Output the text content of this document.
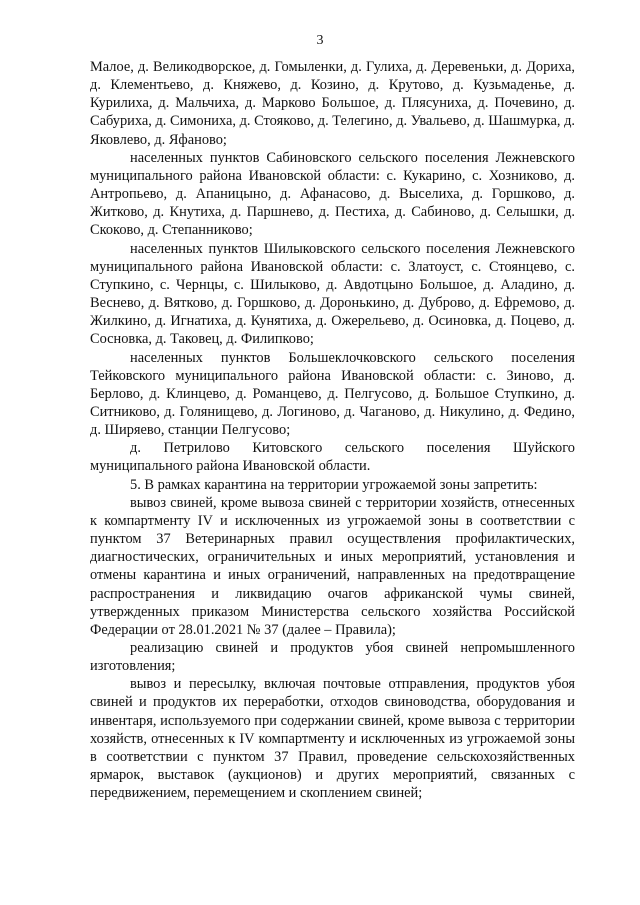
3

Малое, д. Великодворское, д. Гомыленки, д. Гулиха, д. Деревеньки, д. Дориха, д. Клементьево, д. Княжево, д. Козино, д. Крутово, д. Кузьмаденье, д. Курилиха, д. Мальчиха, д. Марково Большое, д. Плясуниха, д. Почевино, д. Сабуриха, д. Симониха, д. Стояково, д. Телегино, д. Увальево, д. Шашмурка, д. Яковлево, д. Яфаново;

населенных пунктов Сабиновского сельского поселения Лежневского муниципального района Ивановской области: с. Кукарино, с. Хозниково, д. Антропьево, д. Апаницыно, д. Афанасово, д. Выселиха, д. Горшково, д. Житково, д. Кнутиха, д. Паршнево, д. Пестиха, д. Сабиново, д. Селышки, д. Скоково, д. Степанниково;

населенных пунктов Шилыковского сельского поселения Лежневского муниципального района Ивановской области: с. Златоуст, с. Стоянцево, с. Ступкино, с. Чернцы, с. Шилыково, д. Авдотцыно Большое, д. Аладино, д. Веснево, д. Вятково, д. Горшково, д. Доронькино, д. Дуброво, д. Ефремово, д. Жилкино, д. Игнатиха, д. Кунятиха, д. Ожерельево, д. Осиновка, д. Поцево, д. Сосновка, д. Таковец, д. Филипково;

населенных пунктов Большеклочковского сельского поселения Тейковского муниципального района Ивановской области: с. Зиново, д. Берлово, д. Клинцево, д. Романцево, д. Пелгусово, д. Большое Ступкино, д. Ситниково, д. Голянищево, д. Логиново, д. Чаганово, д. Никулино, д. Федино, д. Ширяево, станции Пелгусово;

д. Петрилово Китовского сельского поселения Шуйского муниципального района Ивановской области.

5. В рамках карантина на территории угрожаемой зоны запретить:

вывоз свиней, кроме вывоза свиней с территории хозяйств, отнесенных к компартменту IV и исключенных из угрожаемой зоны в соответствии с пунктом 37 Ветеринарных правил осуществления профилактических, диагностических, ограничительных и иных мероприятий, установления и отмены карантина и иных ограничений, направленных на предотвращение распространения и ликвидацию очагов африканской чумы свиней, утвержденных приказом Министерства сельского хозяйства Российской Федерации от 28.01.2021 № 37 (далее – Правила);

реализацию свиней и продуктов убоя свиней непромышленного изготовления;

вывоз и пересылку, включая почтовые отправления, продуктов убоя свиней и продуктов их переработки, отходов свиноводства, оборудования и инвентаря, используемого при содержании свиней, кроме вывоза с территории хозяйств, отнесенных к IV компартменту и исключенных из угрожаемой зоны в соответствии с пунктом 37 Правил, проведение сельскохозяйственных ярмарок, выставок (аукционов) и других мероприятий, связанных с передвижением, перемещением и скоплением свиней;
